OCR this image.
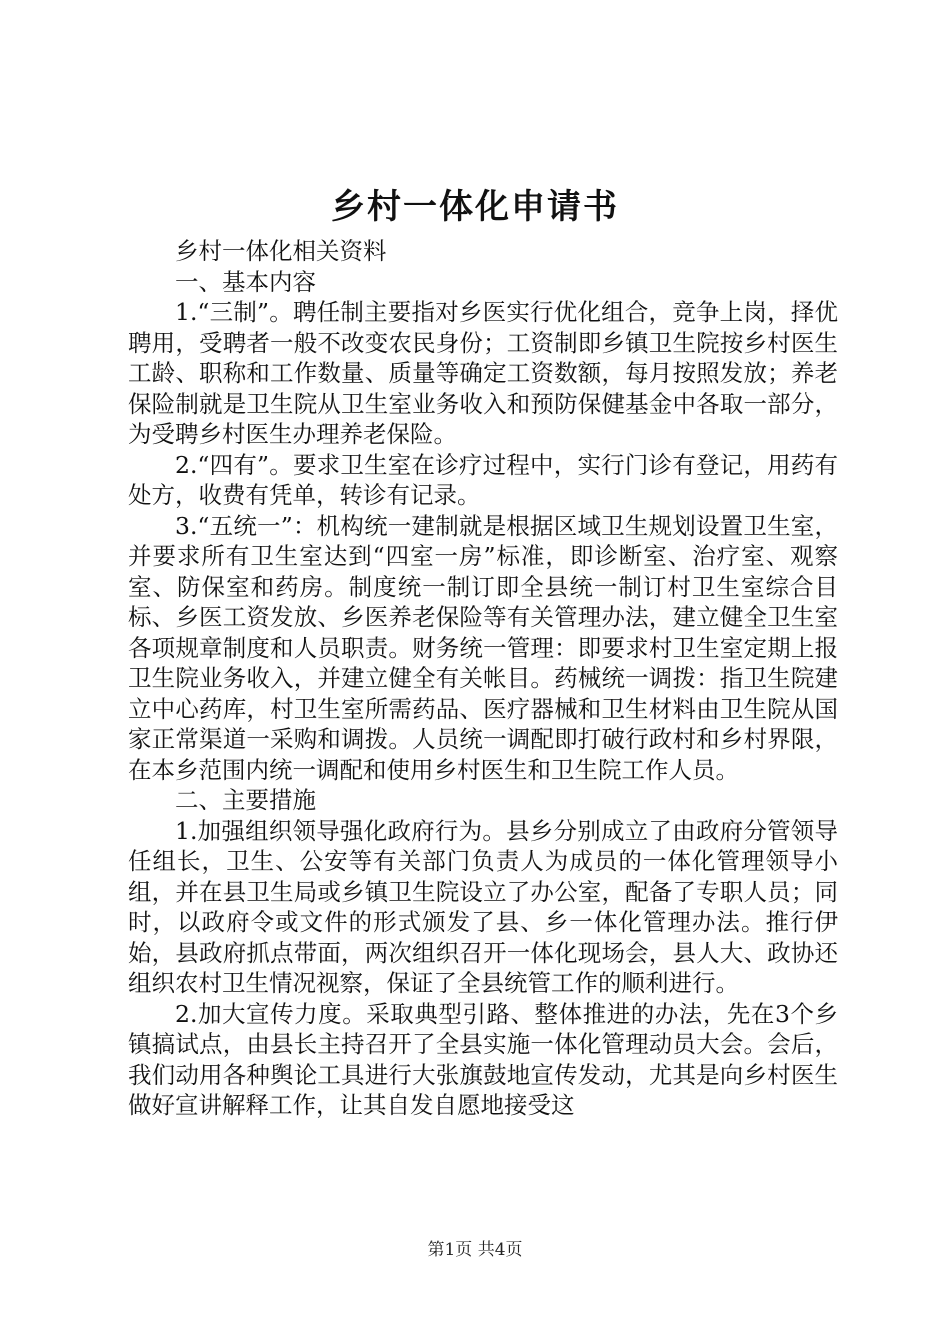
乡村一体化申请书

乡村一体化相关资料

一、基本内容

1.“三制”。聘任制主要指对乡医实行优化组合，竞争上岗，择优聘用，受聘者一般不改变农民身份；工资制即乡镇卫生院按乡村医生工龄、职称和工作数量、质量等确定工资数额，每月按照发放；养老保险制就是卫生院从卫生室业务收入和预防保健基金中各取一部分，为受聘乡村医生办理养老保险。

2.“四有”。要求卫生室在诊疗过程中，实行门诊有登记，用药有处方，收费有凭单，转诊有记录。

3.“五统一”：机构统一建制就是根据区域卫生规划设置卫生室，并要求所有卫生室达到“四室一房”标准，即诊断室、治疗室、观察室、防保室和药房。制度统一制订即全县统一制订村卫生室综合目标、乡医工资发放、乡医养老保险等有关管理办法，建立健全卫生室各项规章制度和人员职责。财务统一管理：即要求村卫生室定期上报卫生院业务收入，并建立健全有关帐目。药械统一调拨：指卫生院建立中心药库，村卫生室所需药品、医疗器械和卫生材料由卫生院从国家正常渠道一采购和调拨。人员统一调配即打破行政村和乡村界限，在本乡范围内统一调配和使用乡村医生和卫生院工作人员。

二、主要措施

1.加强组织领导强化政府行为。县乡分别成立了由政府分管领导任组长，卫生、公安等有关部门负责人为成员的一体化管理领导小组，并在县卫生局或乡镇卫生院设立了办公室，配备了专职人员；同时，以政府令或文件的形式颁发了县、乡一体化管理办法。推行伊始，县政府抓点带面，两次组织召开一体化现场会，县人大、政协还组织农村卫生情况视察，保证了全县统管工作的顺利进行。

2.加大宣传力度。采取典型引路、整体推进的办法，先在3个乡镇搞试点，由县长主持召开了全县实施一体化管理动员大会。会后，我们动用各种舆论工具进行大张旗鼓地宣传发动，尤其是向乡村医生做好宣讲解释工作，让其自发自愿地接受这

第1页 共4页
